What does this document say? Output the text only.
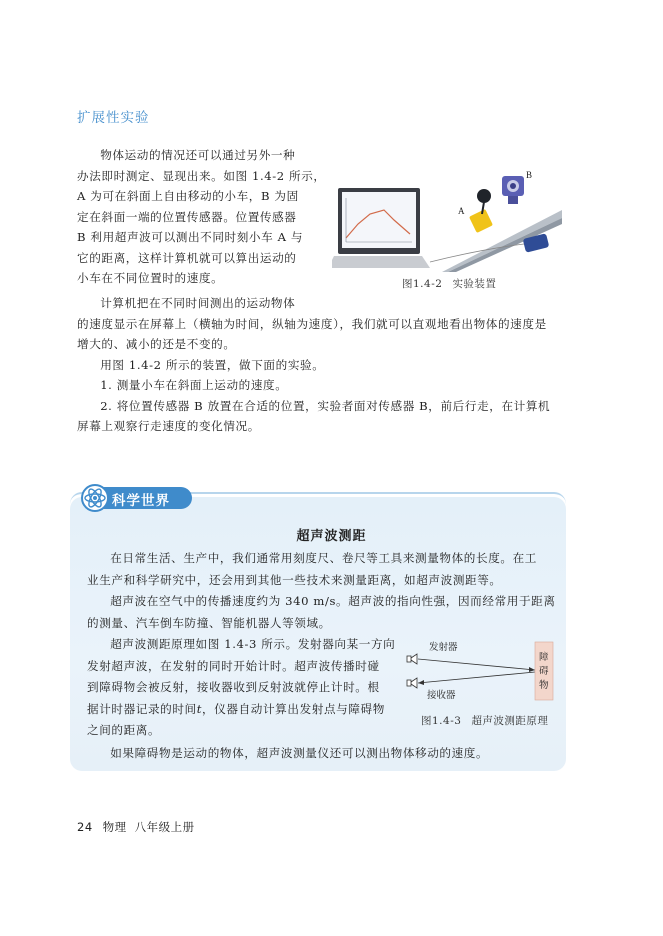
扩展性实验
物体运动的情况还可以通过另外一种
办法即时测定、显现出来。如图 1.4-2 所示，
A 为可在斜面上自由移动的小车，B 为固
定在斜面一端的位置传感器。位置传感器
B 利用超声波可以测出不同时刻小车 A 与
它的距离，这样计算机就可以算出运动的
小车在不同位置时的速度。
A
B
图1.4-2 实验装置
计算机把在不同时间测出的运动物体
的速度显示在屏幕上（横轴为时间，纵轴为速度），我们就可以直观地看出物体的速度是
增大的、减小的还是不变的。
用图 1.4-2 所示的装置，做下面的实验。
1. 测量小车在斜面上运动的速度。
2. 将位置传感器 B 放置在合适的位置，实验者面对传感器 B，前后行走，在计算机
屏幕上观察行走速度的变化情况。
科学世界
超声波测距
在日常生活、生产中，我们通常用刻度尺、卷尺等工具来测量物体的长度。在工
业生产和科学研究中，还会用到其他一些技术来测量距离，如超声波测距等。
超声波在空气中的传播速度约为 340 m/s。超声波的指向性强，因而经常用于距离
的测量、汽车倒车防撞、智能机器人等领域。
超声波测距原理如图 1.4-3 所示。发射器向某一方向
发射超声波，在发射的同时开始计时。超声波传播时碰
到障碍物会被反射，接收器收到反射波就停止计时。根
据计时器记录的时间t，仪器自动计算出发射点与障碍物
之间的距离。
发射器
接收器
障
碍
物
图1.4-3 超声波测距原理
如果障碍物是运动的物体，超声波测量仪还可以测出物体移动的速度。
24 物理 八年级上册
